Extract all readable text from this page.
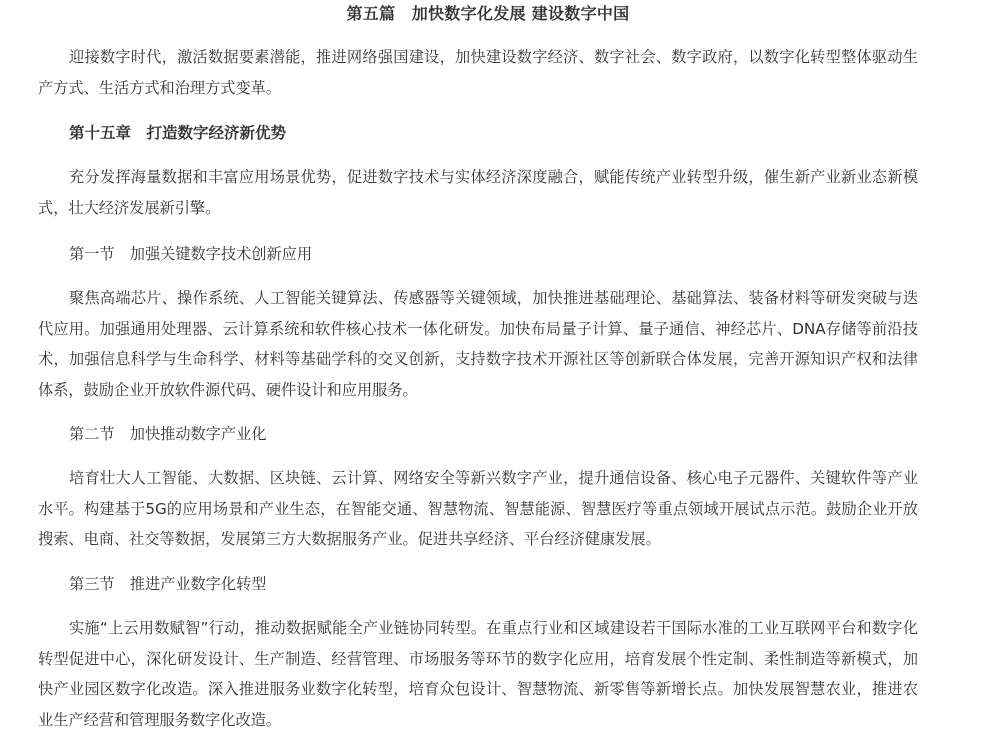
第五篇　加快数字化发展 建设数字中国

迎接数字时代，激活数据要素潜能，推进网络强国建设，加快建设数字经济、数字社会、数字政府，以数字化转型整体驱动生产方式、生活方式和治理方式变革。

第十五章　打造数字经济新优势

充分发挥海量数据和丰富应用场景优势，促进数字技术与实体经济深度融合，赋能传统产业转型升级，催生新产业新业态新模式，壮大经济发展新引擎。

第一节　加强关键数字技术创新应用

聚焦高端芯片、操作系统、人工智能关键算法、传感器等关键领域，加快推进基础理论、基础算法、装备材料等研发突破与迭代应用。加强通用处理器、云计算系统和软件核心技术一体化研发。加快布局量子计算、量子通信、神经芯片、DNA存储等前沿技术，加强信息科学与生命科学、材料等基础学科的交叉创新，支持数字技术开源社区等创新联合体发展，完善开源知识产权和法律体系，鼓励企业开放软件源代码、硬件设计和应用服务。

第二节　加快推动数字产业化

培育壮大人工智能、大数据、区块链、云计算、网络安全等新兴数字产业，提升通信设备、核心电子元器件、关键软件等产业水平。构建基于5G的应用场景和产业生态，在智能交通、智慧物流、智慧能源、智慧医疗等重点领域开展试点示范。鼓励企业开放搜索、电商、社交等数据，发展第三方大数据服务产业。促进共享经济、平台经济健康发展。

第三节　推进产业数字化转型

实施“上云用数赋智”行动，推动数据赋能全产业链协同转型。在重点行业和区域建设若干国际水准的工业互联网平台和数字化转型促进中心，深化研发设计、生产制造、经营管理、市场服务等环节的数字化应用，培育发展个性定制、柔性制造等新模式，加快产业园区数字化改造。深入推进服务业数字化转型，培育众包设计、智慧物流、新零售等新增长点。加快发展智慧农业，推进农业生产经营和管理服务数字化改造。
